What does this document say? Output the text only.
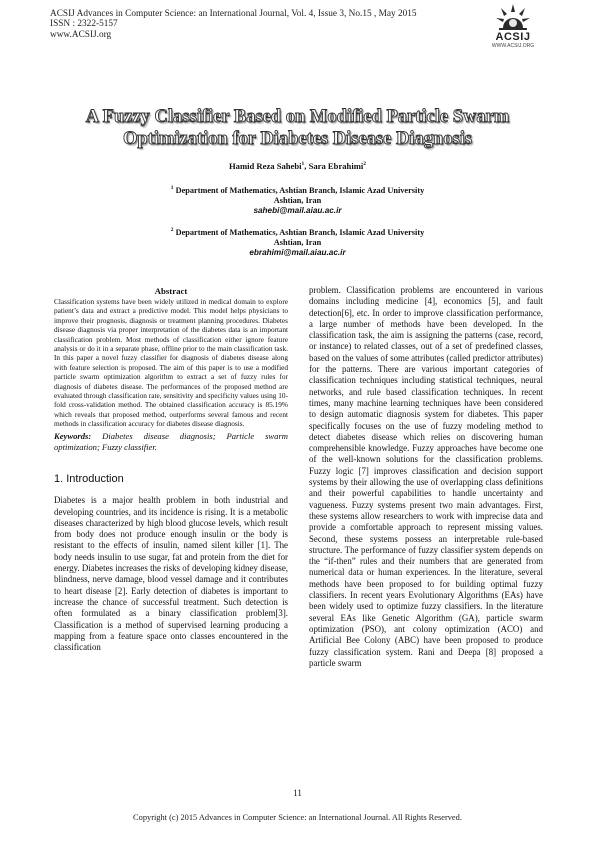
ACSIJ Advances in Computer Science: an International Journal, Vol. 4, Issue 3, No.15 , May 2015
ISSN : 2322-5157
www.ACSIJ.org	ACSIJ
WWW.ACSIJ.ORG
A Fuzzy Classifier Based on Modified Particle Swarm
Optimization for Diabetes Disease Diagnosis
Hamid Reza Sahebi$^1$, Sara Ebrahimi$^2$
$^1$ Department of Mathematics, Ashtian Branch, Islamic Azad University
Ashtian, Iran
sahebi@mail.aiau.ac.ir
$^2$ Department of Mathematics, Ashtian Branch, Islamic Azad University
Ashtian, Iran
ebrahimi@mail.aiau.ac.ir
Abstract

Classification systems have been widely utilized in medical domain to explore patient’s data and extract a predictive model. This model helps physicians to improve their prognosis, diagnosis or treatment planning procedures. Diabetes disease diagnosis via proper interpretation of the diabetes data is an important classification problem. Most methods of classification either ignore feature analysis or do it in a separate phase, offline prior to the main classification task. In this paper a novel fuzzy classifier for diagnosis of diabetes disease along with feature selection is proposed. The aim of this paper is to use a modified particle swarm optimization algorithm to extract a set of fuzzy rules for diagnosis of diabetes disease. The performances of the proposed method are evaluated through classification rate, sensitivity and specificity values using 10-fold cross-validation method. The obtained classification accuracy is 85.19% which reveals that proposed method, outperforms several famous and recent methods in classification accuracy for diabetes disease diagnosis.

Keywords: Diabetes disease diagnosis; Particle swarm optimization; Fuzzy classifier.

1. Introduction

Diabetes is a major health problem in both industrial and developing countries, and its incidence is rising. It is a metabolic diseases characterized by high blood glucose levels, which result from body does not produce enough insulin or the body is resistant to the effects of insulin, named silent killer [1]. The body needs insulin to use sugar, fat and protein from the diet for energy. Diabetes increases the risks of developing kidney disease, blindness, nerve damage, blood vessel damage and it contributes to heart disease [2]. Early detection of diabetes is important to increase the chance of successful treatment. Such detection is often formulated as a binary classification problem[3]. Classification is a method of supervised learning producing a mapping from a feature space onto classes encountered in the classification

problem. Classification problems are encountered in various domains including medicine [4], economics [5], and fault detection[6], etc. In order to improve classification performance, a large number of methods have been developed. In the classification task, the aim is assigning the patterns (case, record, or instance) to related classes, out of a set of predefined classes, based on the values of some attributes (called predictor attributes) for the patterns. There are various important categories of classification techniques including statistical techniques, neural networks, and rule based classification techniques. In recent times, many machine learning techniques have been considered to design automatic diagnosis system for diabetes. This paper specifically focuses on the use of fuzzy modeling method to detect diabetes disease which relies on discovering human comprehensible knowledge. Fuzzy approaches have become one of the well-known solutions for the classification problems. Fuzzy logic [7] improves classification and decision support systems by their allowing the use of overlapping class definitions and their powerful capabilities to handle uncertainty and vagueness. Fuzzy systems present two main advantages. First, these systems allow researchers to work with imprecise data and provide a comfortable approach to represent missing values. Second, these systems possess an interpretable rule-based structure. The performance of fuzzy classifier system depends on the “if-then” rules and their numbers that are generated from numerical data or human experiences. In the literature, several methods have been proposed to for building optimal fuzzy classifiers. In recent years Evolutionary Algorithms (EAs) have been widely used to optimize fuzzy classifiers. In the literature several EAs like Genetic Algorithm (GA), particle swarm optimization (PSO), ant colony optimization (ACO) and Artificial Bee Colony (ABC) have been proposed to produce fuzzy classification system. Rani and Deepa [8] proposed a particle swarm

11
Copyright (c) 2015 Advances in Computer Science: an International Journal. All Rights Reserved.
